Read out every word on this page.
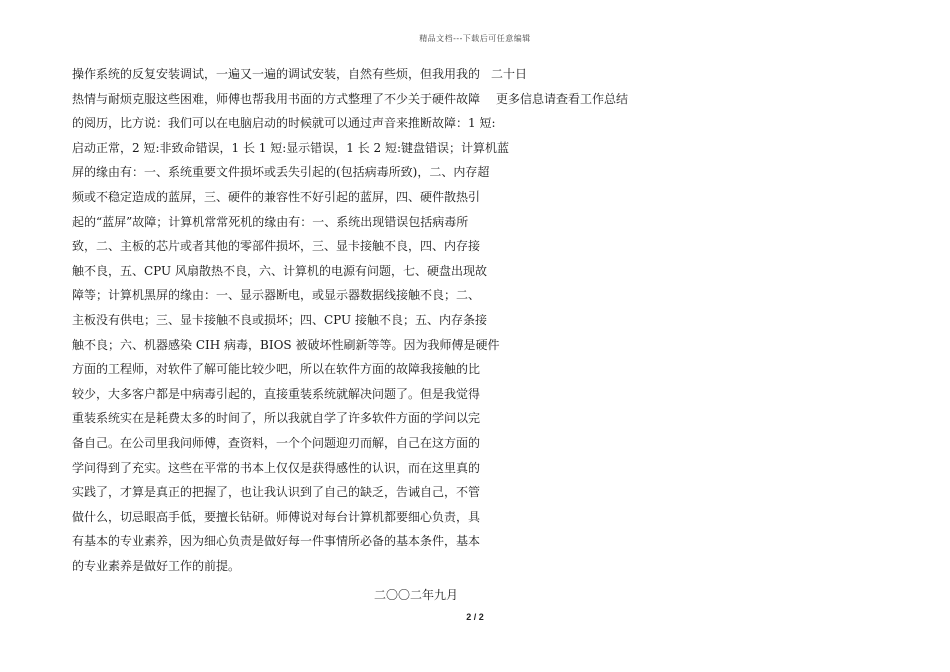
精品文档---下载后可任意编辑
操作系统的反复安装调试，一遍又一遍的调试安装，自然有些烦，但我用我的
热情与耐烦克服这些困难，师傅也帮我用书面的方式整理了不少关于硬件故障
的阅历，比方说：我们可以在电脑启动的时候就可以通过声音来推断故障：1 短:
启动正常，2 短:非致命错误，1 长 1 短:显示错误，1 长 2 短:键盘错误；计算机蓝
屏的缘由有：一、系统重要文件损坏或丢失引起的(包括病毒所致)，二、内存超
频或不稳定造成的蓝屏，三、硬件的兼容性不好引起的蓝屏，四、硬件散热引
起的“蓝屏”故障；计算机常常死机的缘由有：一、系统出现错误包括病毒所
致，二、主板的芯片或者其他的零部件损坏，三、显卡接触不良，四、内存接
触不良，五、CPU 风扇散热不良，六、计算机的电源有问题，七、硬盘出现故
障等；计算机黑屏的缘由：一、显示器断电，或显示器数据线接触不良；二、
主板没有供电；三、显卡接触不良或损坏；四、CPU 接触不良；五、内存条接
触不良；六、机器感染 CIH 病毒，BIOS 被破坏性刷新等等。因为我师傅是硬件
方面的工程师，对软件了解可能比较少吧，所以在软件方面的故障我接触的比
较少，大多客户都是中病毒引起的，直接重装系统就解决问题了。但是我觉得
重装系统实在是耗费太多的时间了，所以我就自学了许多软件方面的学问以完
备自己。在公司里我问师傅，查资料，一个个问题迎刃而解，自己在这方面的
学问得到了充实。这些在平常的书本上仅仅是获得感性的认识，而在这里真的
实践了，才算是真正的把握了，也让我认识到了自己的缺乏，告诫自己，不管
做什么，切忌眼高手低，要擅长钻研。师傅说对每台计算机都要细心负责，具
有基本的专业素养，因为细心负责是做好每一件事情所必备的基本条件，基本
的专业素养是做好工作的前提。
二〇〇二年九月
二十日
更多信息请查看工作总结
2 / 2
